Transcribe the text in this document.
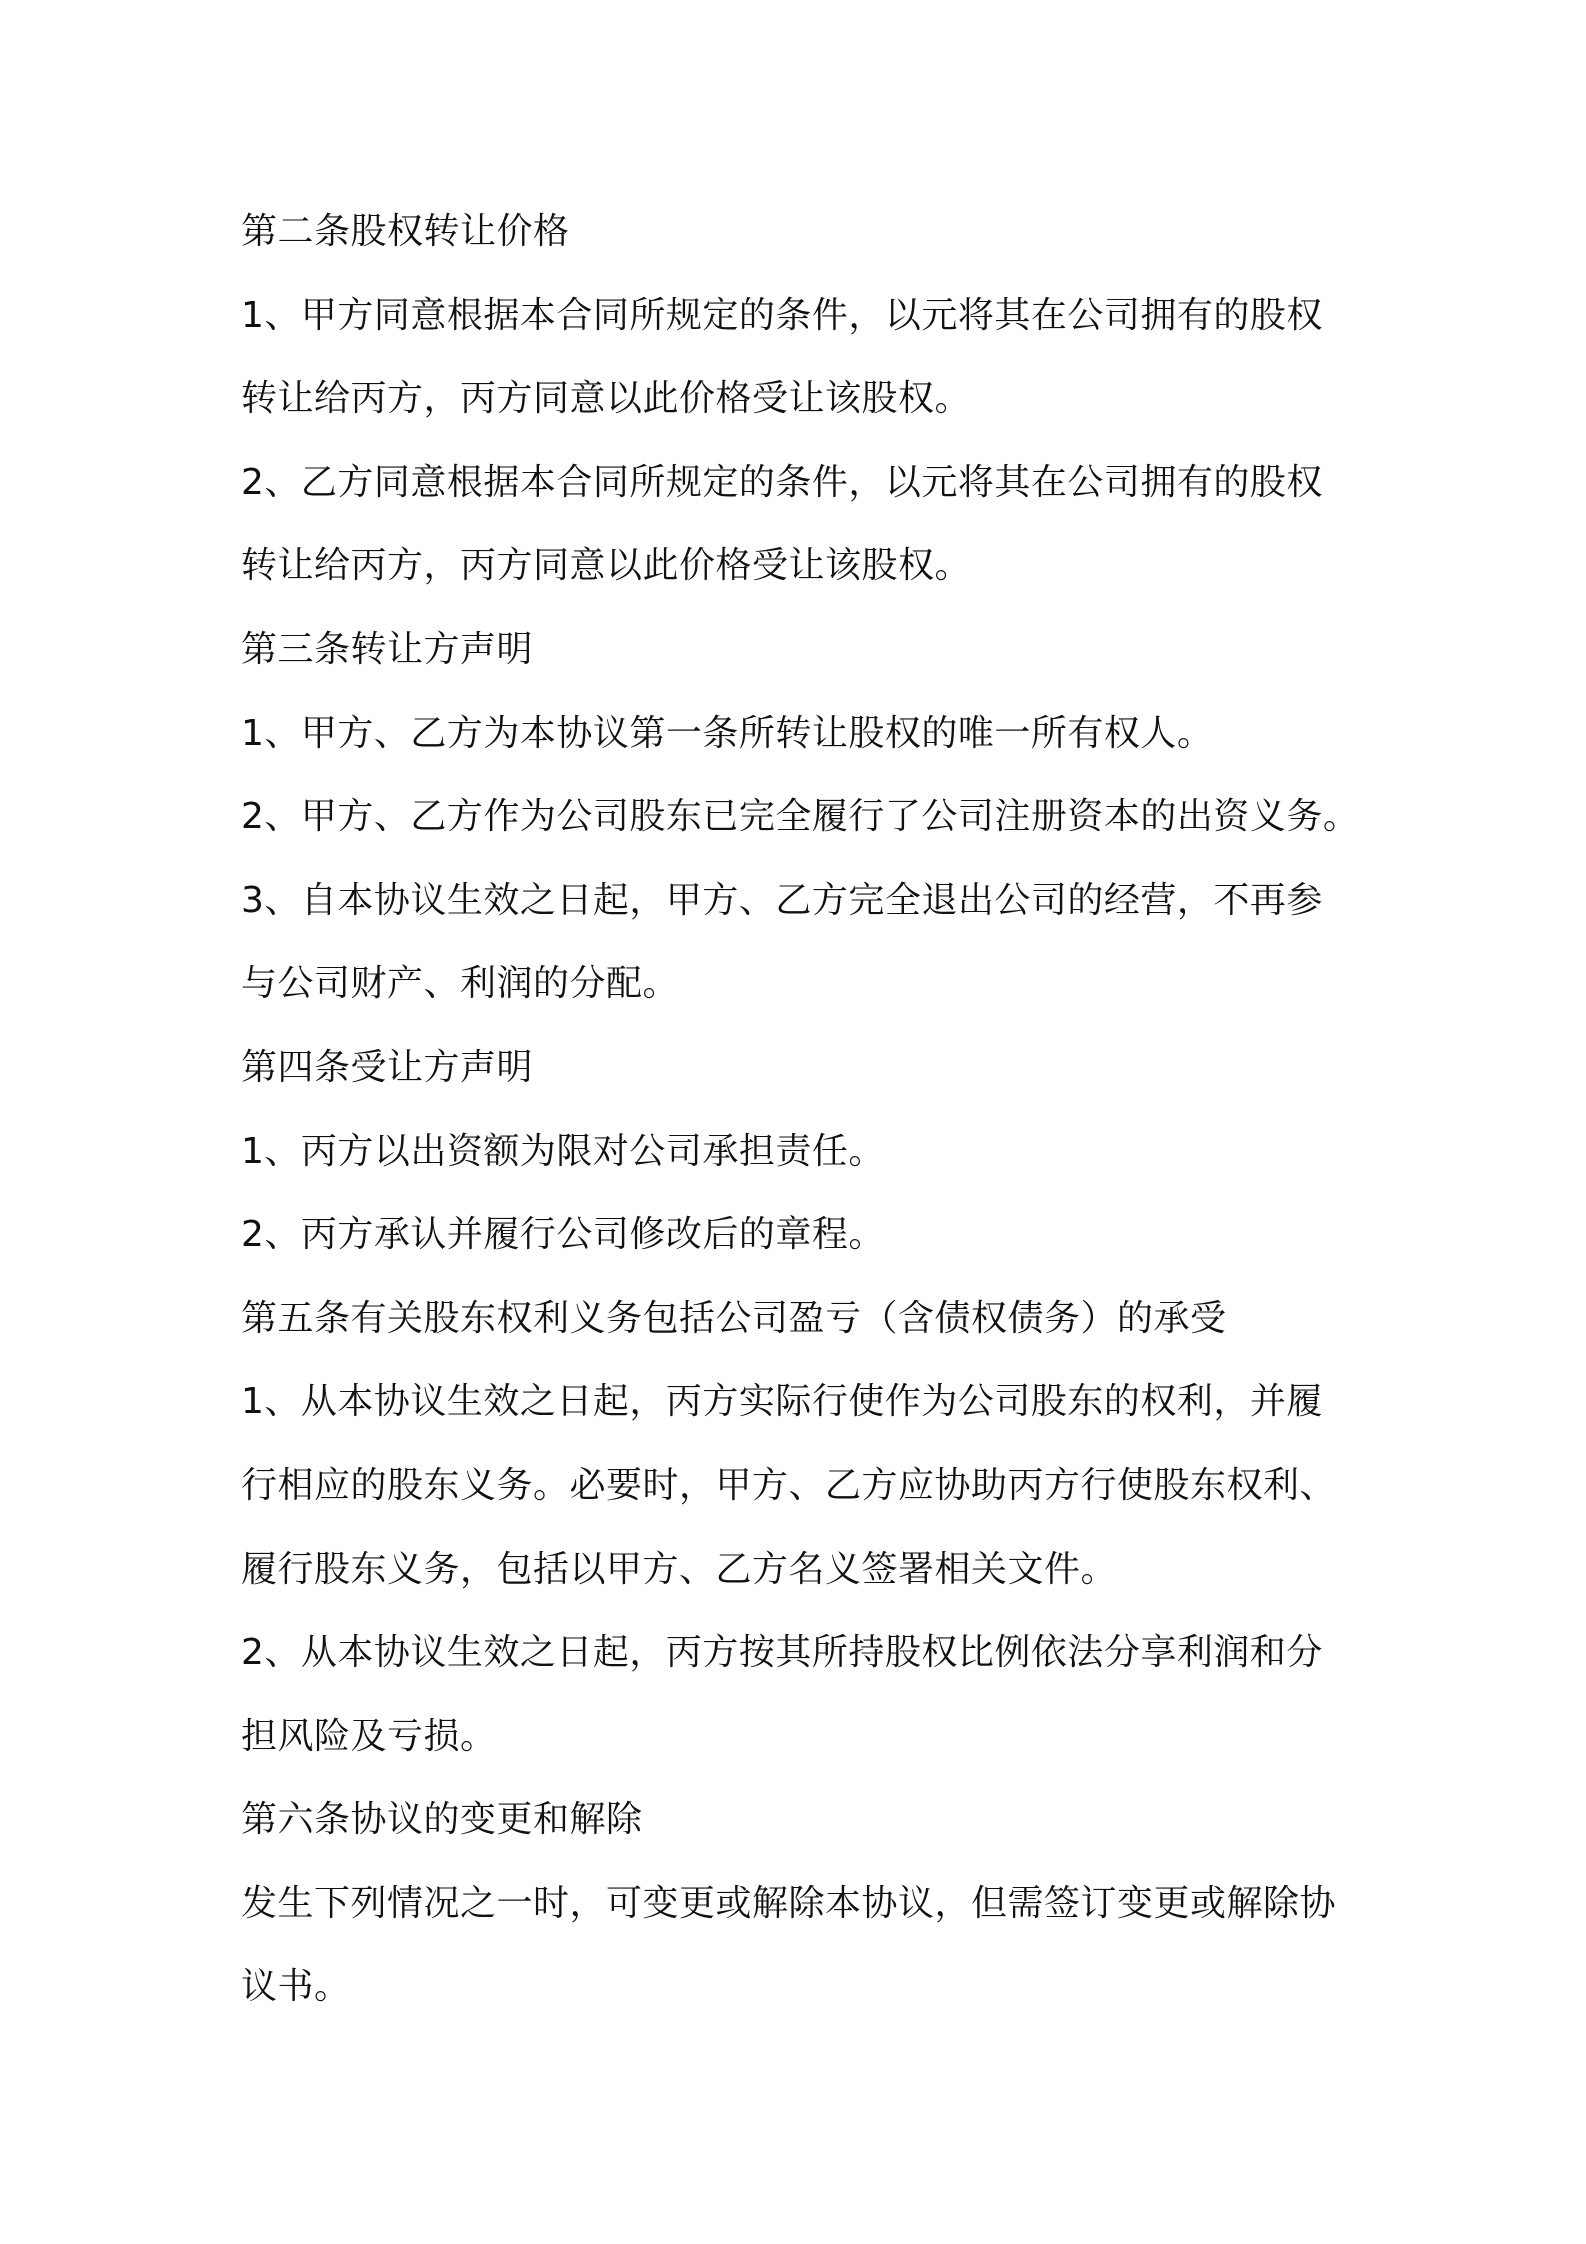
第二条股权转让价格
1、甲方同意根据本合同所规定的条件，以元将其在公司拥有的股权
转让给丙方，丙方同意以此价格受让该股权。
2、乙方同意根据本合同所规定的条件，以元将其在公司拥有的股权
转让给丙方，丙方同意以此价格受让该股权。
第三条转让方声明
1、甲方、乙方为本协议第一条所转让股权的唯一所有权人。
2、甲方、乙方作为公司股东已完全履行了公司注册资本的出资义务。
3、自本协议生效之日起，甲方、乙方完全退出公司的经营，不再参
与公司财产、利润的分配。
第四条受让方声明
1、丙方以出资额为限对公司承担责任。
2、丙方承认并履行公司修改后的章程。
第五条有关股东权利义务包括公司盈亏（含债权债务）的承受
1、从本协议生效之日起，丙方实际行使作为公司股东的权利，并履
行相应的股东义务。必要时，甲方、乙方应协助丙方行使股东权利、
履行股东义务，包括以甲方、乙方名义签署相关文件。
2、从本协议生效之日起，丙方按其所持股权比例依法分享利润和分
担风险及亏损。
第六条协议的变更和解除
发生下列情况之一时，可变更或解除本协议，但需签订变更或解除协
议书。
